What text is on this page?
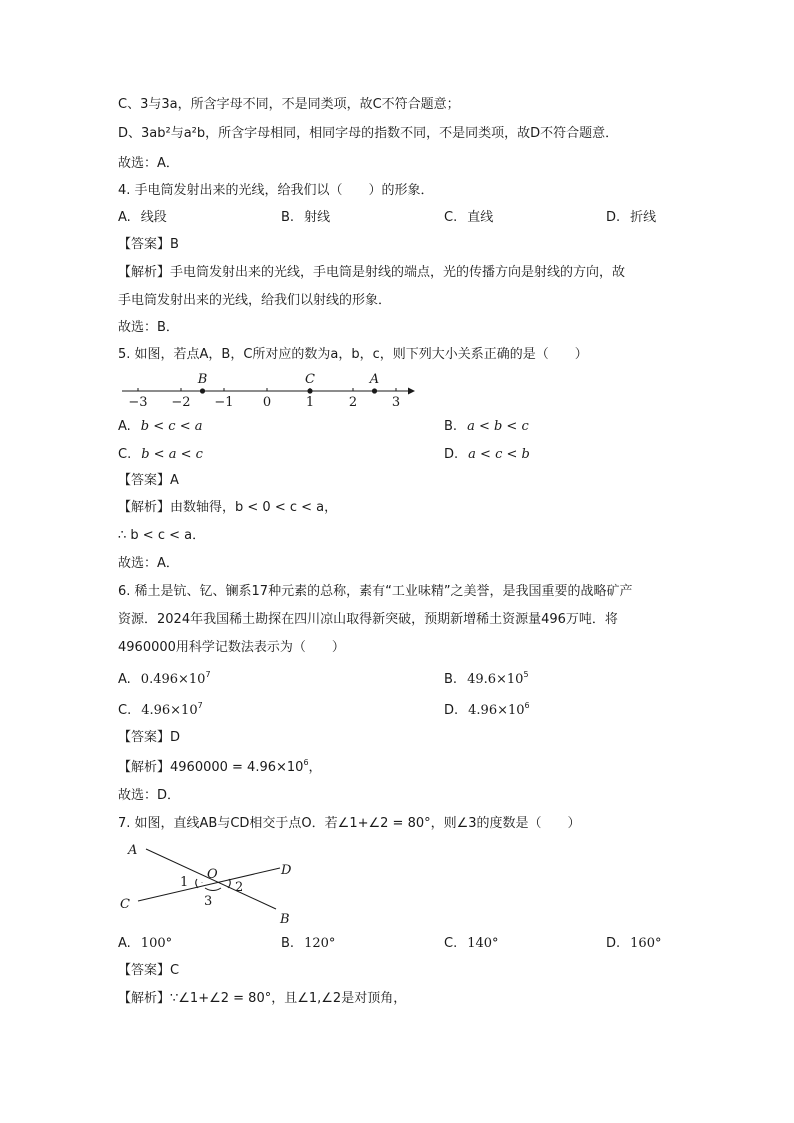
C、3与3a，所含字母不同，不是同类项，故C不符合题意；
D、3ab²与a²b，所含字母相同，相同字母的指数不同，不是同类项，故D不符合题意．
故选：A．
4. 手电筒发射出来的光线，给我们以（　　）的形象．
A. 线段	B. 射线	C. 直线	D. 折线
【答案】B
【解析】手电筒发射出来的光线，手电筒是射线的端点，光的传播方向是射线的方向，故
手电筒发射出来的光线，给我们以射线的形象．
故选：B．
5. 如图，若点A，B，C所对应的数为a，b，c，则下列大小关系正确的是（　　）
−3 −2 −1 0	1	2	3
B	C	A
A. b < c < a	B. a < b < c
C. b < a < c	D. a < c < b
【答案】A
【解析】由数轴得，b < 0 < c < a，
∴ b < c < a．
故选：A．
6. 稀土是钪、钇、镧系17种元素的总称，素有“工业味精”之美誉，是我国重要的战略矿产
资源．2024年我国稀土勘探在四川凉山取得新突破，预期新增稀土资源量496万吨．将
4960000用科学记数法表示为（　　）
A. $0.496\times 10^7$	B. $49.6\times 10^5$
C. $4.96\times 10^7$	D. $4.96\times 10^6$
【答案】D
【解析】$4960000 = 4.96\times 10^6$，
故选：D．
7. 如图，直线AB与CD相交于点O．若∠1+∠2 = 80°，则∠3的度数是（　　）
A
B
C
D
O
1	2
3
A. 100°	B. 120°	C. 140°	D. 160°
【答案】C
【解析】∵∠1+∠2 = 80°，且∠1,∠2是对顶角，
